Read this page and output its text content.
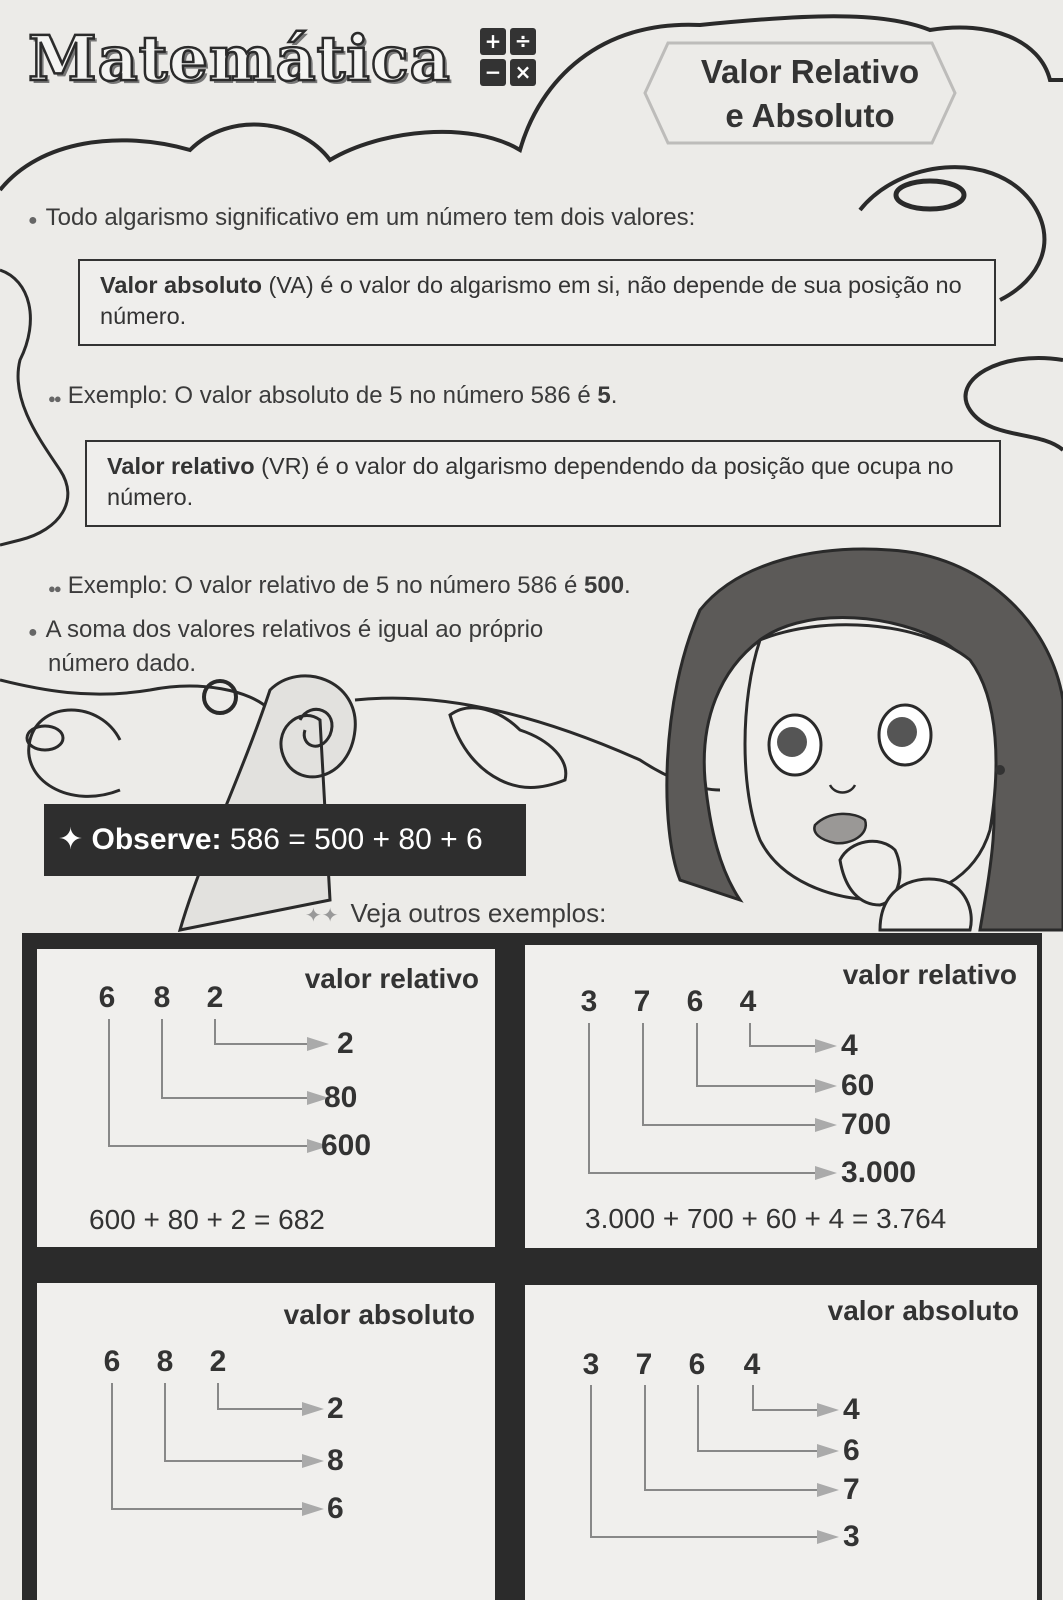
Matemática + ÷
− ×	Valor Relativo
e Absoluto
● Todo algarismo significativo em um número tem dois valores:
Valor absoluto (VA) é o valor do algarismo em si, não depende de sua posição no número.
●● Exemplo: O valor absoluto de 5 no número 586 é 5.
Valor relativo (VR) é o valor do algarismo dependendo da posição que ocupa no número.
●● Exemplo: O valor relativo de 5 no número 586 é 500.
● A soma dos valores relativos é igual ao próprio
número dado.
✦ Observe: 586 = 500 + 80 + 6
✦✦ Veja outros exemplos:
valor relativo
6 8 2
2
80
600
600 + 80 + 2 = 682
valor relativo
3 7 6 4
4
60
700
3.000
3.000 + 700 + 60 + 4 = 3.764
valor absoluto
6 8 2
2
8
6
valor absoluto
3 7 6 4
4
6
7
3
